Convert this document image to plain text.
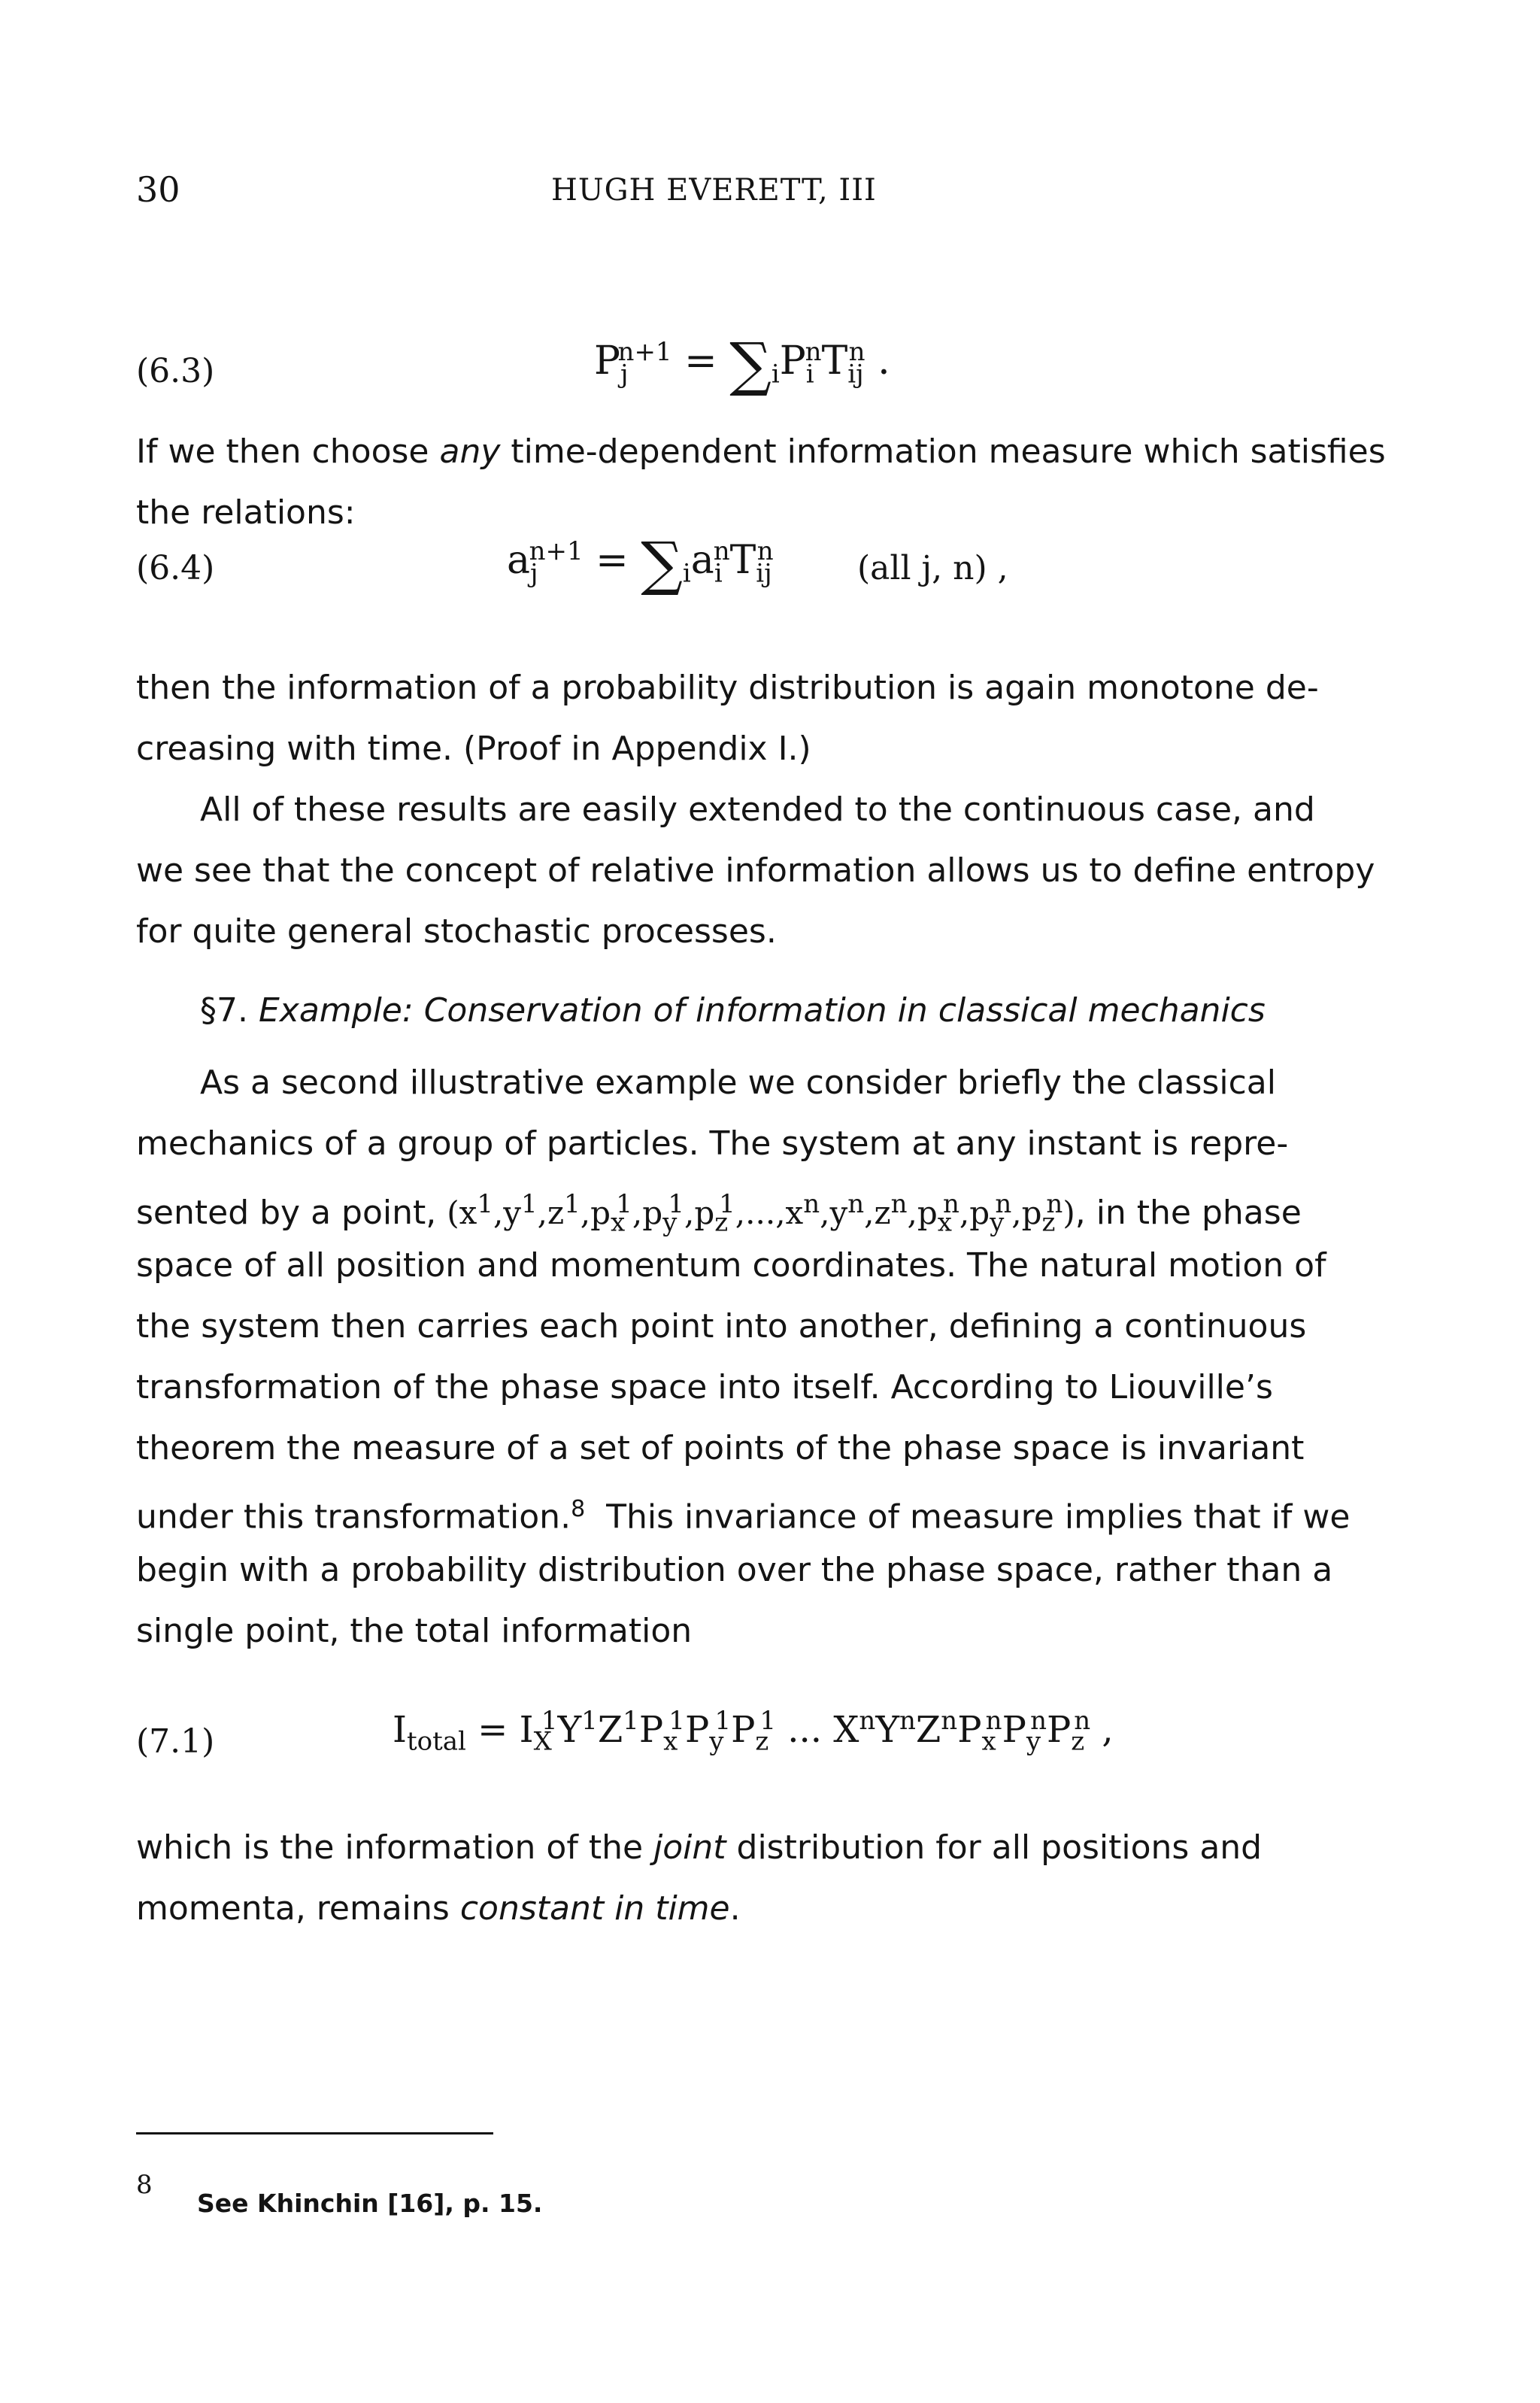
30	HUGH EVERETT, III
(6.3)	$P_j^{n+1} = \sum_iP_i^nT_{ij}^n$ .
If we then choose any time-dependent information measure which satisfies
the relations:
(6.4)	$a_j^{n+1} = \sum_ia_i^nT_{ij}^n$	(all j, n) ,
then the information of a probability distribution is again monotone de-
creasing with time. (Proof in Appendix I.)
All of these results are easily extended to the continuous case, and
we see that the concept of relative information allows us to define entropy
for quite general stochastic processes.
§7. Example: Conservation of information in classical mechanics
As a second illustrative example we consider briefly the classical
mechanics of a group of particles. The system at any instant is repre-
sented by a point, $(x^1,y^1,z^1,p_x^1,p_y^1,p_z^1,...,x^n,y^n,z^n,p_x^n,p_y^n,p_z^n)$, in the phase
space of all position and momentum coordinates. The natural motion of
the system then carries each point into another, defining a continuous
transformation of the phase space into itself. According to Liouville’s
theorem the measure of a set of points of the phase space is invariant
under this transformation.$^8$ This invariance of measure implies that if we
begin with a probability distribution over the phase space, rather than a
single point, the total information
(7.1)	$I_{total} = I_X^1Y^1Z^1P_x^1P_y^1P_z^1$ ... $X^nY^nZ^nP_x^nP_y^nP_z^n$ ,
which is the information of the joint distribution for all positions and
momenta, remains constant in time.
8
See Khinchin [16], p. 15.
